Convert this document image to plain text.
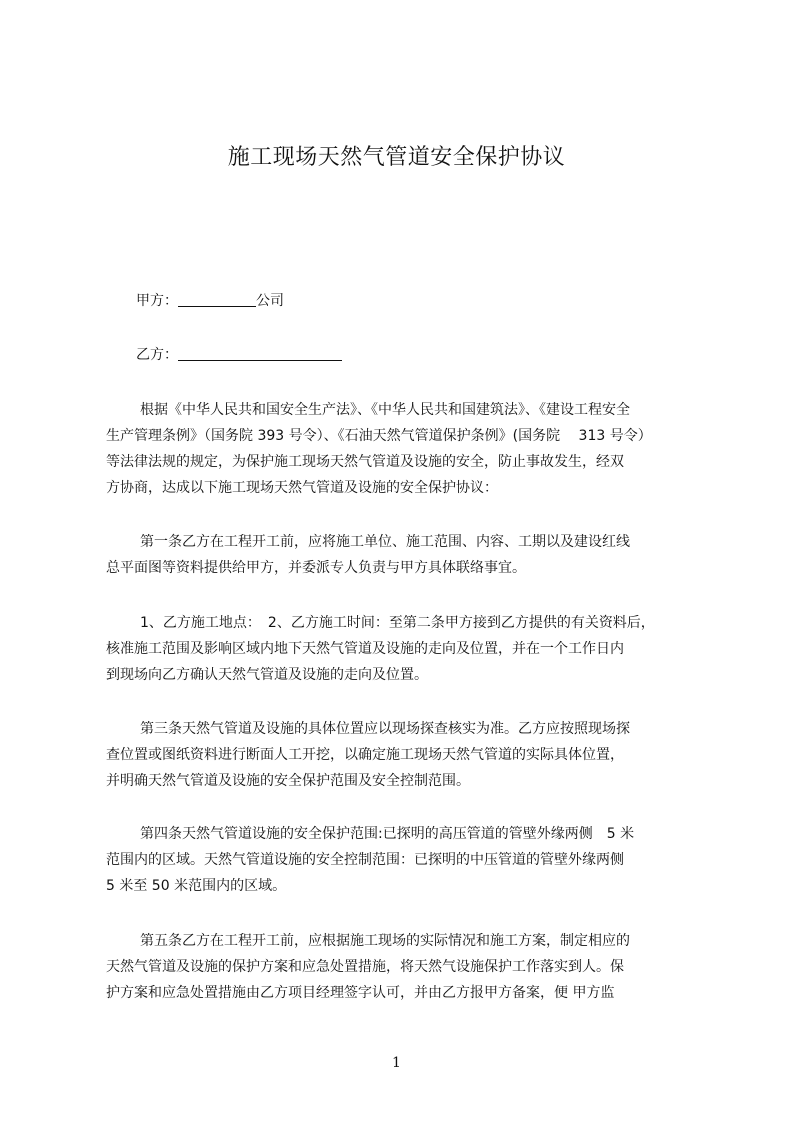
施工现场天然气管道安全保护协议
甲方：	公司
乙方：
根据《中华人民共和国安全生产法》、《中华人民共和国建筑法》、《建设工程安全
生产管理条例》（国务院 393 号令）、《石油天然气管道保护条例》(国务院　 313 号令）
等法律法规的规定，为保护施工现场天然气管道及设施的安全，防止事故发生，经双
方协商，达成以下施工现场天然气管道及设施的安全保护协议：
第一条乙方在工程开工前，应将施工单位、施工范围、内容、工期以及建设红线
总平面图等资料提供给甲方，并委派专人负责与甲方具体联络事宜。
1、乙方施工地点：　2、乙方施工时间：至第二条甲方接到乙方提供的有关资料后，
核准施工范围及影响区域内地下天然气管道及设施的走向及位置，并在一个工作日内
到现场向乙方确认天然气管道及设施的走向及位置。
第三条天然气管道及设施的具体位置应以现场探查核实为准。乙方应按照现场探
查位置或图纸资料进行断面人工开挖，以确定施工现场天然气管道的实际具体位置，
并明确天然气管道及设施的安全保护范围及安全控制范围。
第四条天然气管道设施的安全保护范围:已探明的高压管道的管壁外缘两侧　5 米
范围内的区域。天然气管道设施的安全控制范围：已探明的中压管道的管壁外缘两侧
5 米至 50 米范围内的区域。
第五条乙方在工程开工前，应根据施工现场的实际情况和施工方案，制定相应的
天然气管道及设施的保护方案和应急处置措施，将天然气设施保护工作落实到人。保
护方案和应急处置措施由乙方项目经理签字认可，并由乙方报甲方备案，便 甲方监
1
